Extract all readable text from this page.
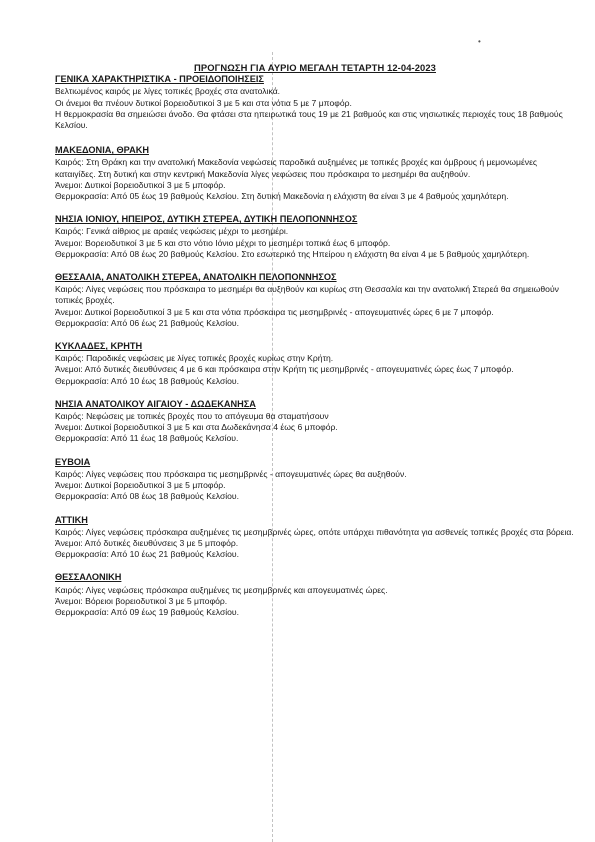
•

ΠΡΟΓΝΩΣΗ ΓΙΑ ΑΥΡΙΟ ΜΕΓΑΛΗ ΤΕΤΑΡΤΗ 12-04-2023

ΓΕΝΙΚΑ ΧΑΡΑΚΤΗΡΙΣΤΙΚΑ - ΠΡΟΕΙΔΟΠΟΙΗΣΕΙΣ

Βελτιωμένος καιρός με λίγες τοπικές βροχές στα ανατολικά.

Οι άνεμοι θα πνέουν δυτικοί βορειοδυτικοί 3 με 5 και στα νότια 5 με 7 μποφόρ.

Η θερμοκρασία θα σημειώσει άνοδο. Θα φτάσει στα ηπειρωτικά τους 19 με 21 βαθμούς και στις νησιωτικές περιοχές τους 18 βαθμούς Κελσίου.

ΜΑΚΕΔΟΝΙΑ, ΘΡΑΚΗ

Καιρός: Στη Θράκη και την ανατολική Μακεδονία νεφώσεις παροδικά αυξημένες με τοπικές βροχές και όμβρους ή μεμονωμένες καταιγίδες. Στη δυτική και στην κεντρική Μακεδονία λίγες νεφώσεις που πρόσκαιρα το μεσημέρι θα αυξηθούν.

Άνεμοι: Δυτικοί βορειοδυτικοί 3 με 5 μποφόρ.

Θερμοκρασία: Από 05 έως 19 βαθμούς Κελσίου. Στη δυτική Μακεδονία η ελάχιστη θα είναι 3 με 4 βαθμούς χαμηλότερη.

ΝΗΣΙΑ ΙΟΝΙΟΥ, ΗΠΕΙΡΟΣ, ΔΥΤΙΚΗ ΣΤΕΡΕΑ, ΔΥΤΙΚΗ ΠΕΛΟΠΟΝΝΗΣΟΣ

Καιρός: Γενικά αίθριος με αραιές νεφώσεις μέχρι το μεσημέρι.

Άνεμοι: Βορειοδυτικοί 3 με 5 και στο νότιο Ιόνιο μέχρι το μεσημέρι τοπικά έως 6 μποφόρ.

Θερμοκρασία: Από 08 έως 20 βαθμούς Κελσίου. Στο εσωτερικό της Ηπείρου η ελάχιστη θα είναι 4 με 5 βαθμούς χαμηλότερη.

ΘΕΣΣΑΛΙΑ, ΑΝΑΤΟΛΙΚΗ ΣΤΕΡΕΑ, ΑΝΑΤΟΛΙΚΗ ΠΕΛΟΠΟΝΝΗΣΟΣ

Καιρός: Λίγες νεφώσεις που πρόσκαιρα το μεσημέρι θα αυξηθούν και κυρίως στη Θεσσαλία και την ανατολική Στερεά θα σημειωθούν τοπικές βροχές.

Άνεμοι: Δυτικοί βορειοδυτικοί 3 με 5 και στα νότια πρόσκαιρα τις μεσημβρινές - απογευματινές ώρες 6 με 7 μποφόρ.

Θερμοκρασία: Από 06 έως 21 βαθμούς Κελσίου.

ΚΥΚΛΑΔΕΣ, ΚΡΗΤΗ

Καιρός: Παροδικές νεφώσεις με λίγες τοπικές βροχές κυρίως στην Κρήτη.

Άνεμοι: Από δυτικές διευθύνσεις 4 με 6 και πρόσκαιρα στην Κρήτη τις μεσημβρινές - απογευματινές ώρες έως 7 μποφόρ.

Θερμοκρασία: Από 10 έως 18 βαθμούς Κελσίου.

ΝΗΣΙΑ ΑΝΑΤΟΛΙΚΟΥ ΑΙΓΑΙΟΥ - ΔΩΔΕΚΑΝΗΣΑ

Καιρός: Νεφώσεις με τοπικές βροχές που το απόγευμα θα σταματήσουν

Άνεμοι: Δυτικοί βορειοδυτικοί 3 με 5 και στα Δωδεκάνησα 4 έως 6 μποφόρ.

Θερμοκρασία: Από 11 έως 18 βαθμούς Κελσίου.

ΕΥΒΟΙΑ

Καιρός: Λίγες νεφώσεις που πρόσκαιρα τις μεσημβρινές - απογευματινές ώρες θα αυξηθούν.

Άνεμοι: Δυτικοί βορειοδυτικοί 3 με 5 μποφόρ.

Θερμοκρασία: Από 08 έως 18 βαθμούς Κελσίου.

ΑΤΤΙΚΗ

Καιρός: Λίγες νεφώσεις πρόσκαιρα αυξημένες τις μεσημβρινές ώρες, οπότε υπάρχει πιθανότητα για ασθενείς τοπικές βροχές στα βόρεια.

Άνεμοι: Από δυτικές διευθύνσεις 3 με 5 μποφόρ.

Θερμοκρασία: Από 10 έως 21 βαθμούς Κελσίου.

ΘΕΣΣΑΛΟΝΙΚΗ

Καιρός: Λίγες νεφώσεις πρόσκαιρα αυξημένες τις μεσημβρινές και απογευματινές ώρες.

Άνεμοι: Βόρειοι βορειοδυτικοί 3 με 5 μποφόρ.

Θερμοκρασία: Από 09 έως 19 βαθμούς Κελσίου.
